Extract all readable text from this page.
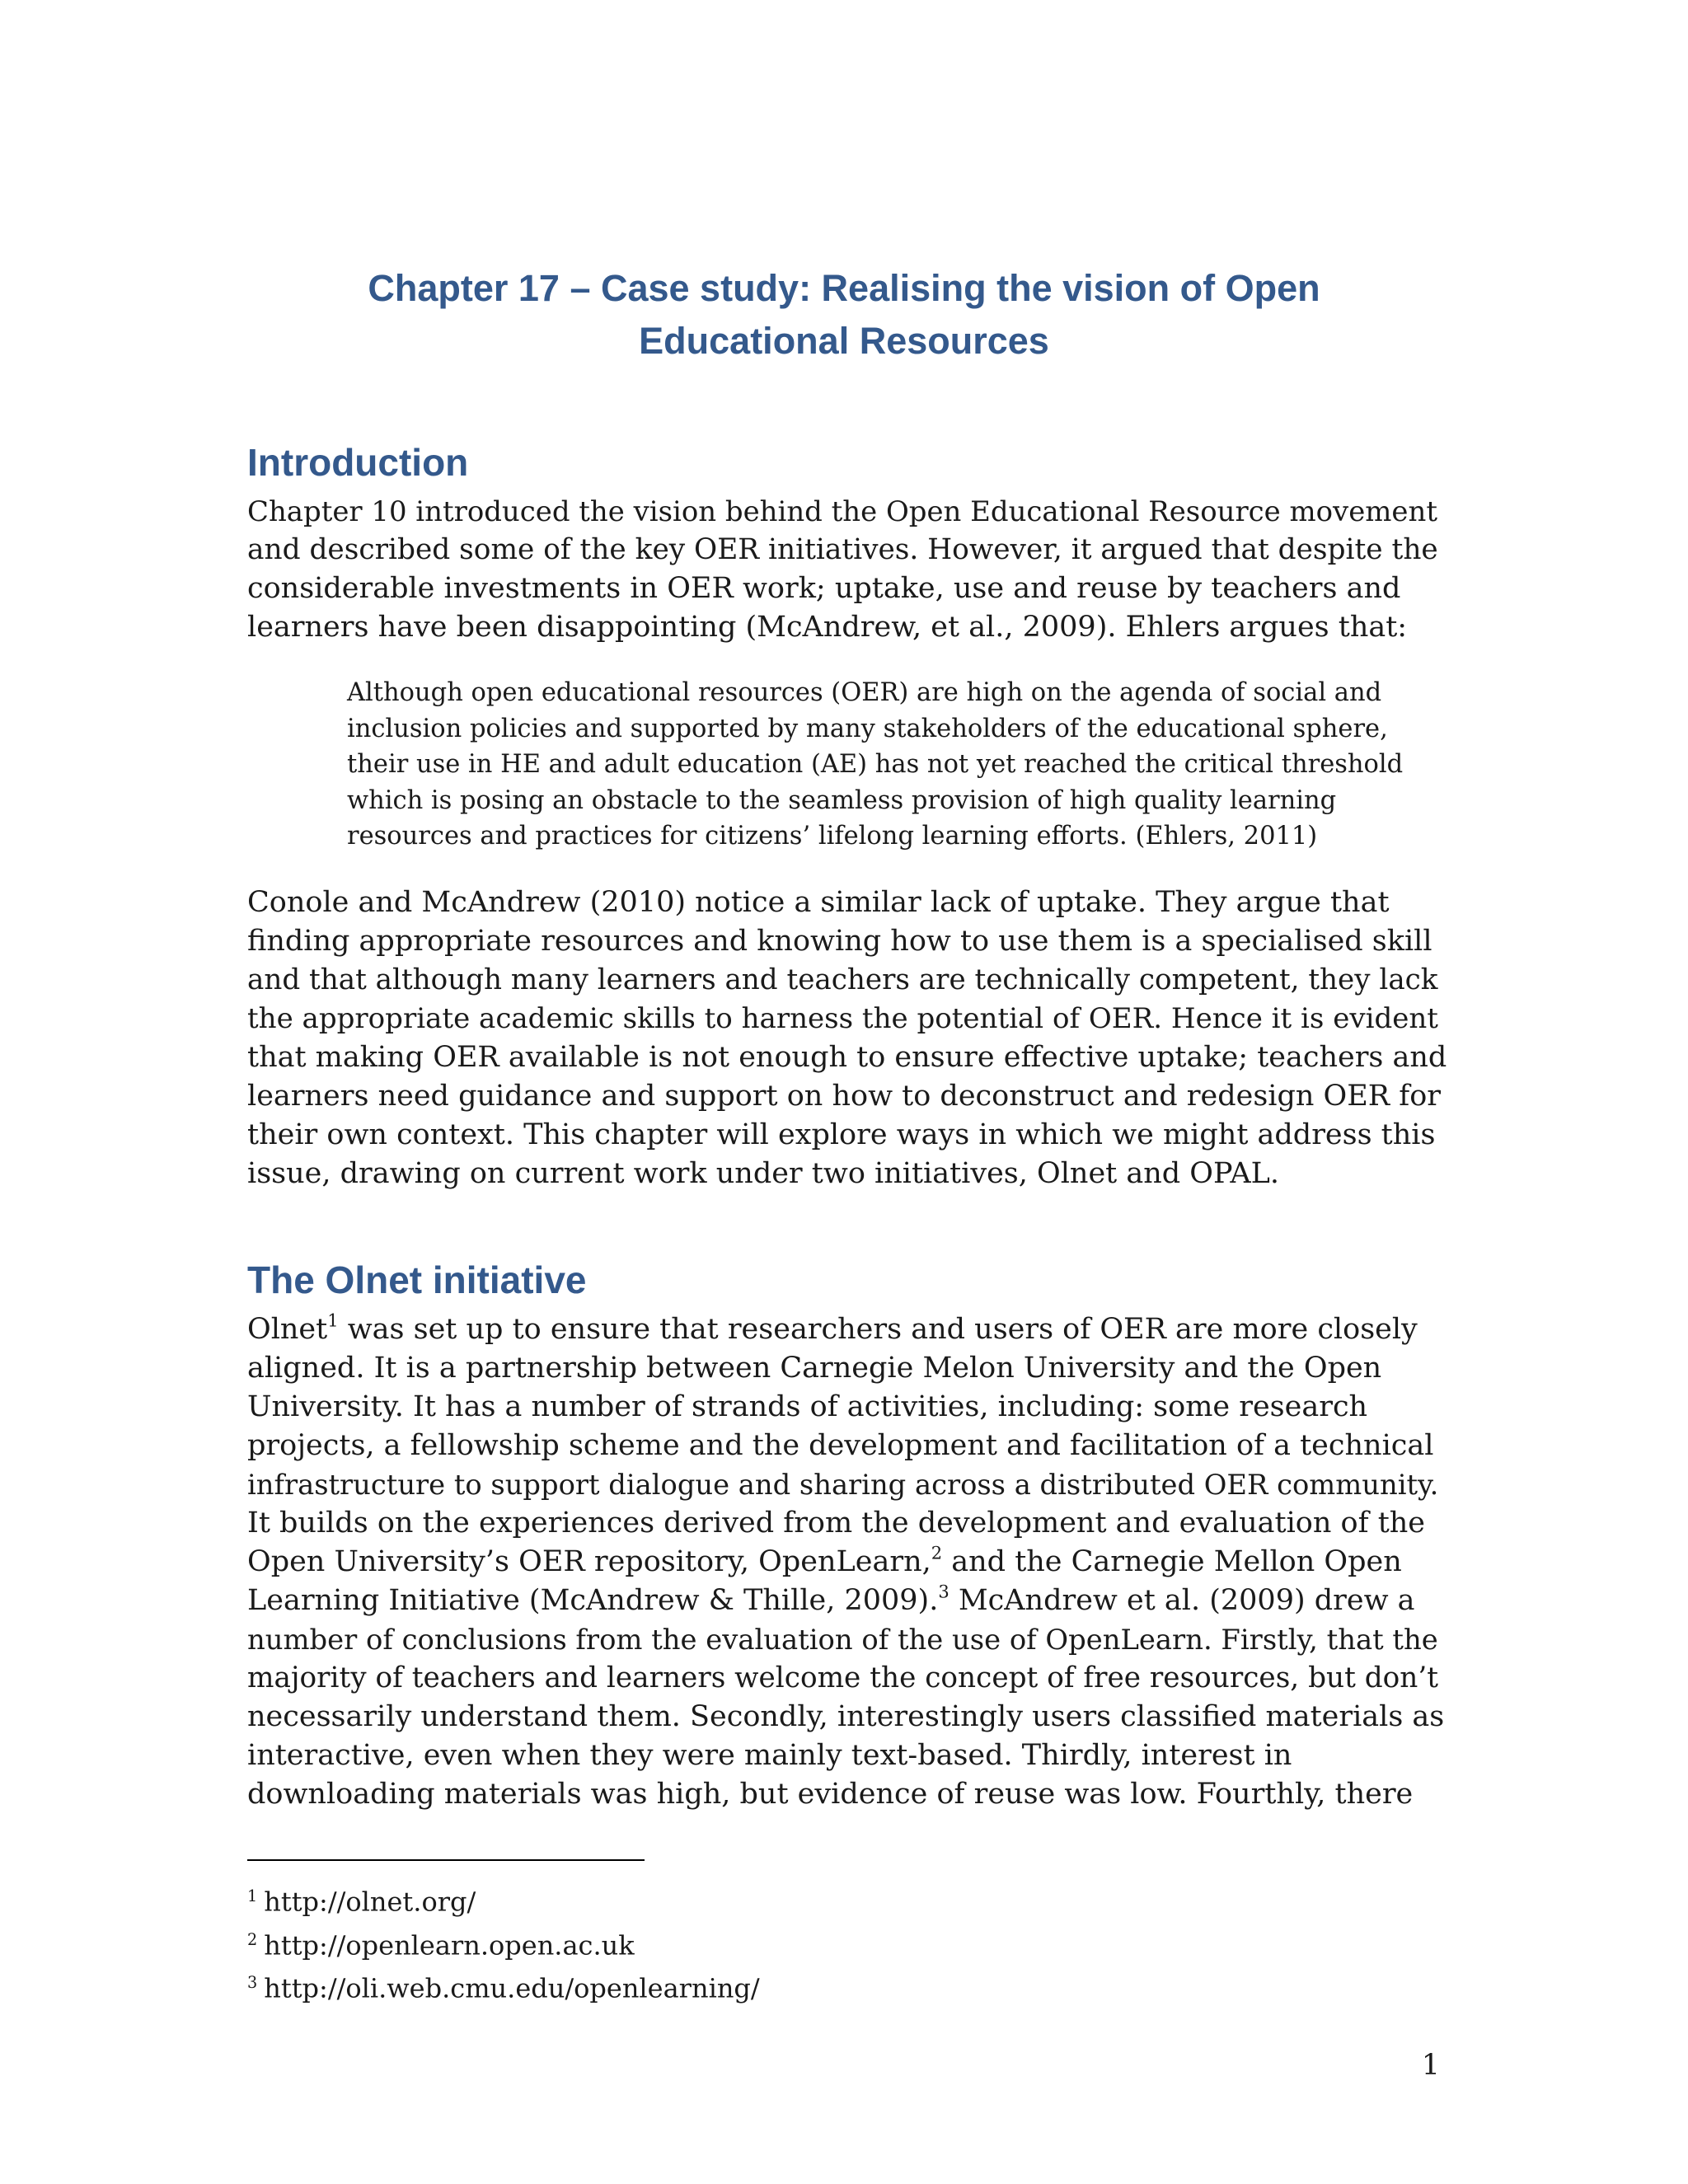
Chapter 17 – Case study: Realising the vision of Open
Educational Resources
Introduction
Chapter 10 introduced the vision behind the Open Educational Resource movement
and described some of the key OER initiatives. However, it argued that despite the
considerable investments in OER work; uptake, use and reuse by teachers and
learners have been disappointing (McAndrew, et al., 2009). Ehlers argues that:
Although open educational resources (OER) are high on the agenda of social and
inclusion policies and supported by many stakeholders of the educational sphere,
their use in HE and adult education (AE) has not yet reached the critical threshold
which is posing an obstacle to the seamless provision of high quality learning
resources and practices for citizens’ lifelong learning efforts. (Ehlers, 2011)
Conole and McAndrew (2010) notice a similar lack of uptake. They argue that
finding appropriate resources and knowing how to use them is a specialised skill
and that although many learners and teachers are technically competent, they lack
the appropriate academic skills to harness the potential of OER. Hence it is evident
that making OER available is not enough to ensure effective uptake; teachers and
learners need guidance and support on how to deconstruct and redesign OER for
their own context. This chapter will explore ways in which we might address this
issue, drawing on current work under two initiatives, Olnet and OPAL.
The Olnet initiative
Olnet$^1$ was set up to ensure that researchers and users of OER are more closely
aligned. It is a partnership between Carnegie Melon University and the Open
University. It has a number of strands of activities, including: some research
projects, a fellowship scheme and the development and facilitation of a technical
infrastructure to support dialogue and sharing across a distributed OER community.
It builds on the experiences derived from the development and evaluation of the
Open University’s OER repository, OpenLearn,$^2$ and the Carnegie Mellon Open
Learning Initiative (McAndrew & Thille, 2009).$^3$ McAndrew et al. (2009) drew a
number of conclusions from the evaluation of the use of OpenLearn. Firstly, that the
majority of teachers and learners welcome the concept of free resources, but don’t
necessarily understand them. Secondly, interestingly users classified materials as
interactive, even when they were mainly text-based. Thirdly, interest in
downloading materials was high, but evidence of reuse was low. Fourthly, there
$^1$ http://olnet.org/
$^2$ http://openlearn.open.ac.uk
$^3$ http://oli.web.cmu.edu/openlearning/

1
